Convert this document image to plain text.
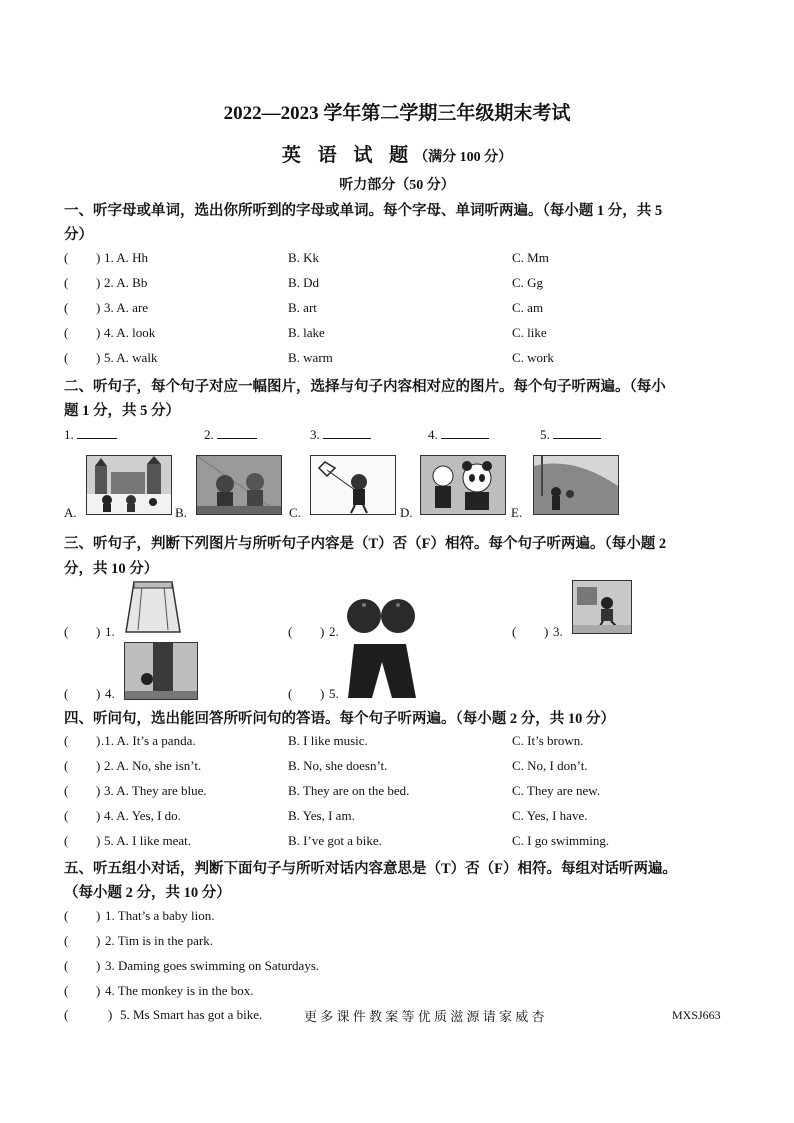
2022—2023 学年第二学期三年级期末考试
英 语 试 题（满分 100 分）
听力部分（50 分）
一、听字母或单词，选出你所听到的字母或单词。每个字母、单词听两遍。（每小题 1 分，共 5
分）
( ) 1. A. Hh	B. Kk	C. Mm
( ) 2. A. Bb	B. Dd	C. Gg
( ) 3. A. are	B. art	C. am
( ) 4. A. look	B. lake	C. like
( ) 5. A. walk	B. warm	C. work
二、听句子，每个句子对应一幅图片，选择与句子内容相对应的图片。每个句子听两遍。（每小
题 1 分，共 5 分）
1.	2.	3.	4.	5.
A.	B.	C.	D.	E.
三、听句子，判断下列图片与所听句子内容是（T）否（F）相符。每个句子听两遍。（每小题 2
分，共 10 分）
( ) 1.	( ) 2.	( ) 3.
( ) 4.	( ) 5.
四、听问句，选出能回答所听问句的答语。每个句子听两遍。（每小题 2 分，共 10 分）
( ) .1. A. It’s a panda.	B. I like music.	C. It’s brown.
( ) 2. A. No, she isn’t.	B. No, she doesn’t.	C. No, I don’t.
( ) 3. A. They are blue.	B. They are on the bed.	C. They are new.
( ) 4. A. Yes, I do.	B. Yes, I am.	C. Yes, I have.
( ) 5. A. I like meat.	B. I’ve got a bike.	C. I go swimming.
五、听五组小对话，判断下面句子与所听对话内容意思是（T）否（F）相符。每组对话听两遍。
（每小题 2 分，共 10 分）
( ) 1. That’s a baby lion.
( ) 2. Tim is in the park.
( ) 3. Daming goes swimming on Saturdays.
( ) 4. The monkey is in the box.
(	) 5. Ms Smart has got a bike.	更 多 课 件 教 案 等 优 质 滋 源 请 家 威 杏	MXSJ663
